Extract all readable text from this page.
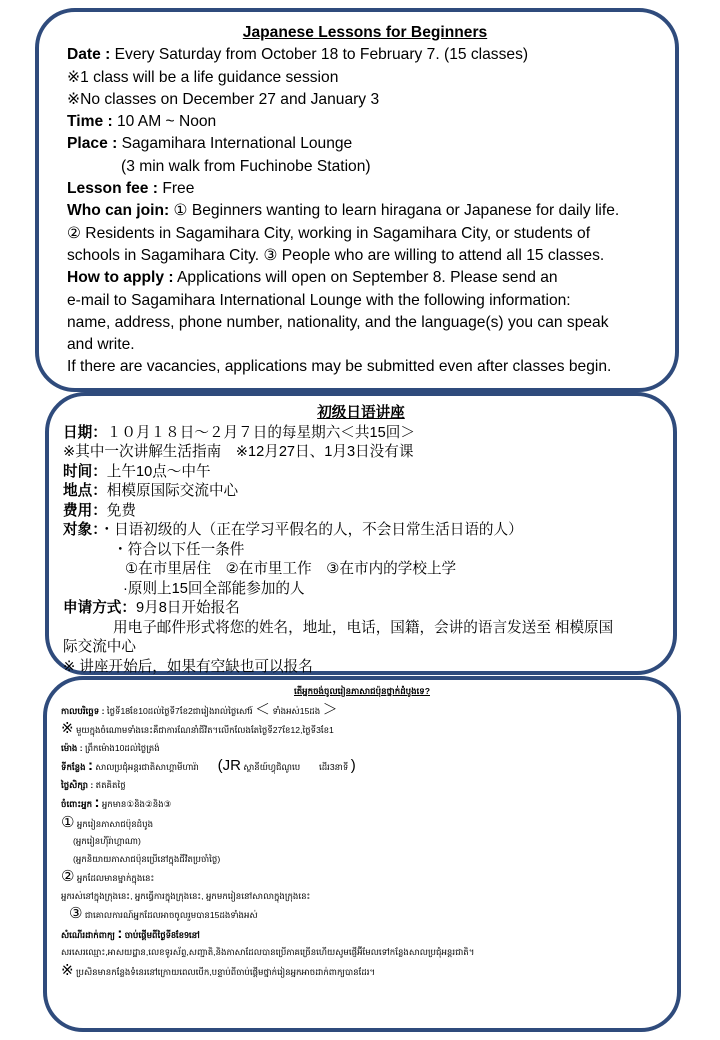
Japanese Lessons for Beginners
Date : Every Saturday from October 18 to February 7. (15 classes)
※1 class will be a life guidance session
※No classes on December 27 and January 3
Time : 10 AM ~ Noon
Place : Sagamihara International Lounge
(3 min walk from Fuchinobe Station)
Lesson fee : Free
Who can join: ① Beginners wanting to learn hiragana or Japanese for daily life.
② Residents in Sagamihara City, working in Sagamihara City, or students of
schools in Sagamihara City. ③ People who are willing to attend all 15 classes.
How to apply : Applications will open on September 8. Please send an
e-mail to Sagamihara International Lounge with the following information:
name, address, phone number, nationality, and the language(s) you can speak
and write.
If there are vacancies, applications may be submitted even after classes begin.
初级日语讲座
日期：１０月１８日～２月７日的每星期六＜共15回＞
※其中一次讲解生活指南　※12月27日、1月3日没有课
时间：上午10点～中午
地点：相模原国际交流中心
费用：免费
对象：・日语初级的人（正在学习平假名的人，不会日常生活日语的人）
・符合以下任一条件
①在市里居住　②在市里工作　③在市内的学校上学
·原则上15回全部能参加的人
申请方式：9月8日开始报名
用电子邮件形式将您的姓名，地址，电话，国籍，会讲的语言发送至 相模原国
际交流中心
※ 讲座开始后，如果有空缺也可以报名
តើអ្នកចង់ចូលរៀនភាសាជប៉ុនថ្នាក់ដំបូងទេ?
កាលបរិច្ឆេទ : ថ្ងៃទី18ខែ10ដល់ថ្ងៃទី7ខែ2ជារៀងរាល់ថ្ងៃសៅរ៍ ＜ ទាំងអស់15ដង ＞
※ មួយក្នុងចំណោមទាំងនេះគឺជាការណែនាំជីវិត។លើកលែងតែថ្ងៃទី27ខែ12,ថ្ងៃទី3ខែ1
ម៉ោង : ព្រឹកម៉ោង10ដល់ថ្ងៃត្រង់
ទីកន្លែង : សាលប្រជុំអន្តរជាតិសាហ្គាមីហារ៉ា (JR ស្ថានីយ៍ហ្វុជិណូបេ ដើរ3នាទី )
ថ្លៃសិក្សា : ឥតគិតថ្លៃ
ចំពោះអ្នក : អ្នកមាន①និង②និង③
① អ្នករៀនភាសាជប៉ុនដំបូង
(អ្នករៀនហ៊ីរ៉ាហ្គាណា)
(អ្នកនិយាយភាសាជប៉ុនប្រើនៅក្នុងជីវិតប្រចាំថ្ងៃ)
② អ្នកដែលមានម្នាក់ក្នុងនេះ
អ្នករស់នៅក្នុងក្រុងនេះ, អ្នកធ្វើការក្នុងក្រុងនេះ, អ្នកមករៀននៅសាលាក្នុងក្រុងនេះ
③ ជាគោលការណ៍អ្នកដែលអាចចូលរួមបាន15ដងទាំងអស់
សំណើរដាក់ពាក្យ : ចាប់ផ្តើមពីថ្ងៃទី8ខែ9នៅ
សរសេរឈ្មោះ,អាសយដ្ឋាន,លេខទូរស័ព្ទ,សញ្ជាតិ,និងភាសាដែលបានប្រើភាគច្រើនហើយសូមផ្ញើអ៊ីមែលទៅកន្លែងសាលប្រជុំអន្តរជាតិ។
※ ប្រសិនមានកន្លែងទំនេរនៅក្រោយពេលបើក,បន្ទាប់ពីចាប់ផ្តើមថ្នាក់រៀនអ្នកអាចដាក់ពាក្យបានដែរ។
